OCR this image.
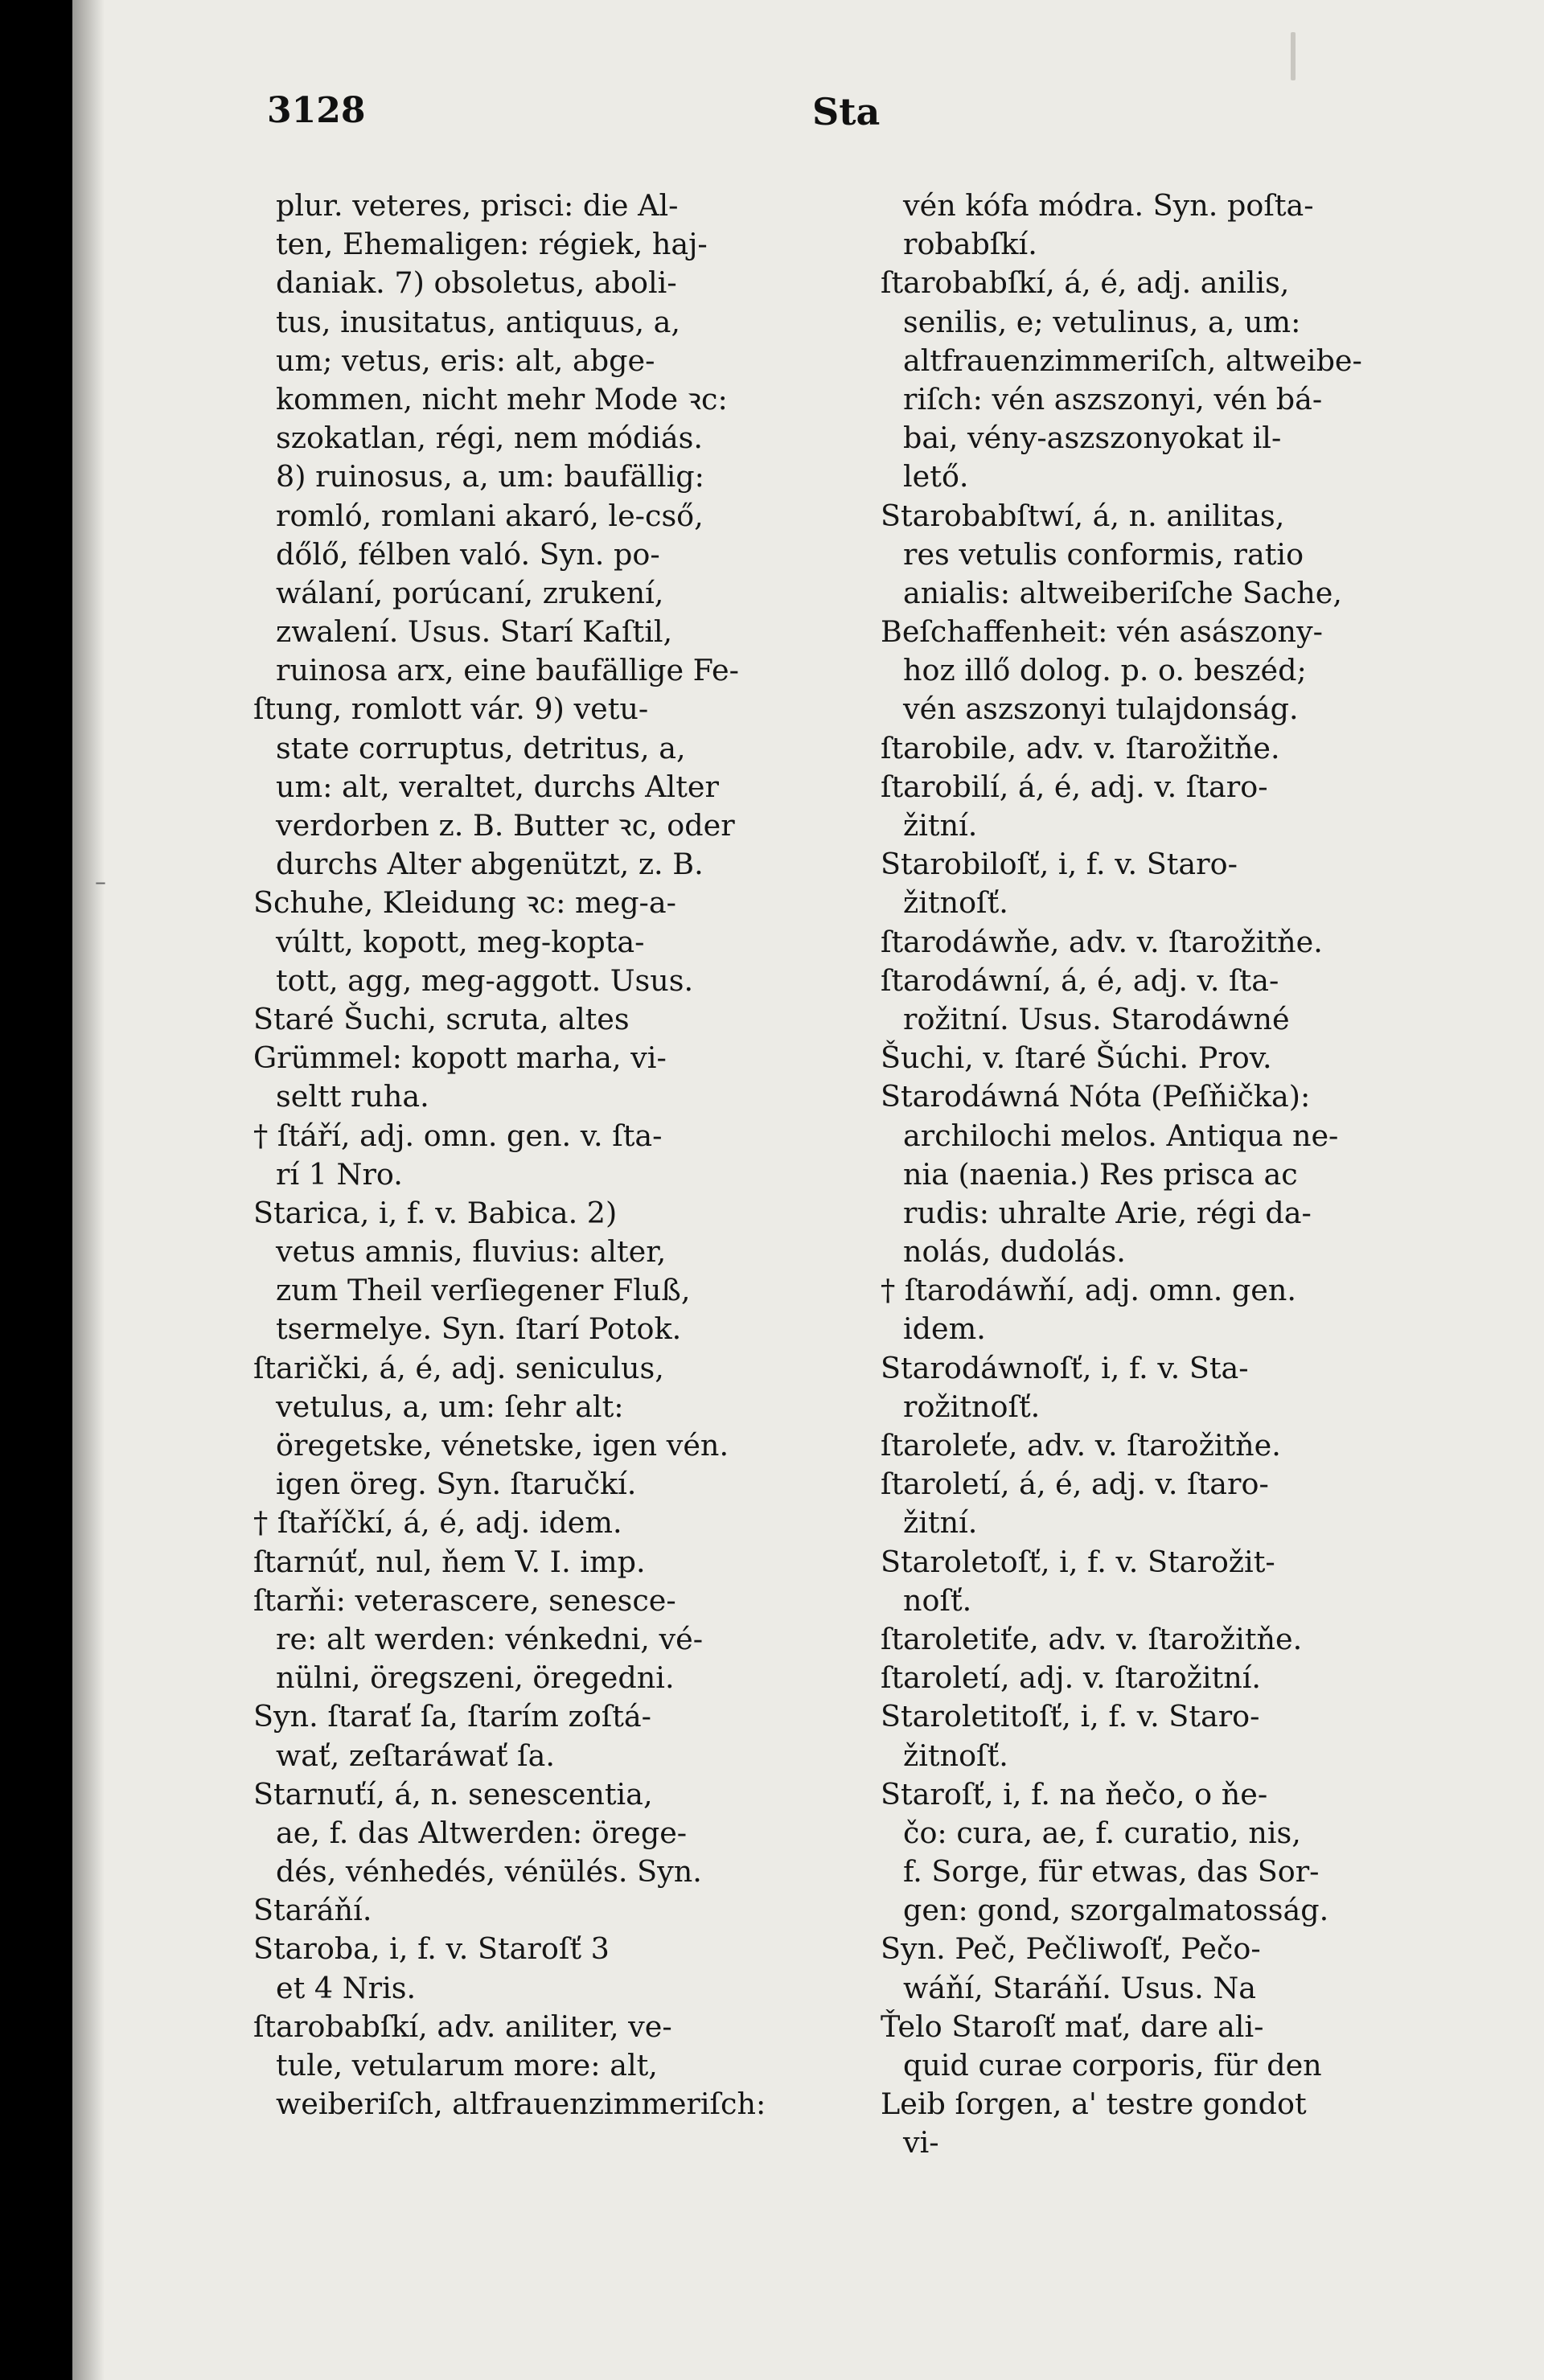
3128	Sta
plur. veteres, prisci: die Al-
ten, Ehemaligen: régiek, haj-
daniak. 7) obsoletus, aboli-
tus, inusitatus, antiquus, a,
um; vetus, eris: alt, abge-
kommen, nicht mehr Mode ꝛc:
szokatlan, régi, nem módiás.
8) ruinosus, a, um: baufällig:
romló, romlani akaró, le-cső,
dőlő, félben való. Syn. po-
wálaní, porúcaní, zrukení,
zwalení. Usus. Starí Kaſtil,
ruinosa arx, eine baufällige Fe-
ſtung, romlott vár. 9) vetu-
state corruptus, detritus, a,
um: alt, veraltet, durchs Alter
verdorben z. B. Butter ꝛc, oder
durchs Alter abgenützt, z. B.
Schuhe, Kleidung ꝛc: meg-a-
vúltt, kopott, meg-kopta-
tott, agg, meg-aggott. Usus.
Staré Šuchi, scruta, altes
Grümmel: kopott marha, vi-
seltt ruha.
† ſtáří, adj. omn. gen. v. ſta-
rí 1 Nro.
Starica, i, f. v. Babica. 2)
vetus amnis, fluvius: alter,
zum Theil verſiegener Fluß,
tsermelye. Syn. ſtarí Potok.
ſtarički, á, é, adj. seniculus,
vetulus, a, um: ſehr alt:
öregetske, vénetske, igen vén.
igen öreg. Syn. ſtaručkí.
† ſtaříčkí, á, é, adj. idem.
ſtarnúť, nul, ňem V. I. imp.
ſtarňi: veterascere, senesce-
re: alt werden: vénkedni, vé-
nülni, öregszeni, öregedni.
Syn. ſtarať ſa, ſtarím zoſtá-
wať, zeſtaráwať ſa.
Starnuťí, á, n. senescentia,
ae, f. das Altwerden: örege-
dés, vénhedés, vénülés. Syn.
Staráňí.
Staroba, i, f. v. Staroſť 3
et 4 Nris.
ſtarobabſkí, adv. aniliter, ve-
tule, vetularum more: alt,
weiberiſch, altfrauenzimmeriſch:
vén kófa módra. Syn. poſta-
robabſkí.
ſtarobabſkí, á, é, adj. anilis,
senilis, e; vetulinus, a, um:
altfrauenzimmeriſch, altweibe-
riſch: vén aszszonyi, vén bá-
bai, vény-aszszonyokat il-
lető.
Starobabſtwí, á, n. anilitas,
res vetulis conformis, ratio
anialis: altweiberiſche Sache,
Beſchaffenheit: vén asászony-
hoz illő dolog. p. o. beszéd;
vén aszszonyi tulajdonság.
ſtarobile, adv. v. ſtarožitňe.
ſtarobilí, á, é, adj. v. ſtaro-
žitní.
Starobiloſť, i, f. v. Staro-
žitnoſť.
ſtarodáwňe, adv. v. ſtarožitňe.
ſtarodáwní, á, é, adj. v. ſta-
rožitní. Usus. Starodáwné
Šuchi, v. ſtaré Šúchi. Prov.
Starodáwná Nóta (Peſňička):
archilochi melos. Antiqua ne-
nia (naenia.) Res prisca ac
rudis: uhralte Arie, régi da-
nolás, dudolás.
† ſtarodáwňí, adj. omn. gen.
idem.
Starodáwnoſť, i, f. v. Sta-
rožitnoſť.
ſtaroleťe, adv. v. ſtarožitňe.
ſtaroletí, á, é, adj. v. ſtaro-
žitní.
Staroletoſť, i, f. v. Starožit-
noſť.
ſtaroletiťe, adv. v. ſtarožitňe.
ſtaroletí, adj. v. ſtarožitní.
Staroletitoſť, i, f. v. Staro-
žitnoſť.
Staroſť, i, f. na ňečo, o ňe-
čo: cura, ae, f. curatio, nis,
f. Sorge, für etwas, das Sor-
gen: gond, szorgalmatosság.
Syn. Peč, Pečliwoſť, Pečo-
wáňí, Staráňí. Usus. Na
Ťelo Staroſť mať, dare ali-
quid curae corporis, für den
Leib ſorgen, a' testre gondot
vi-
–
